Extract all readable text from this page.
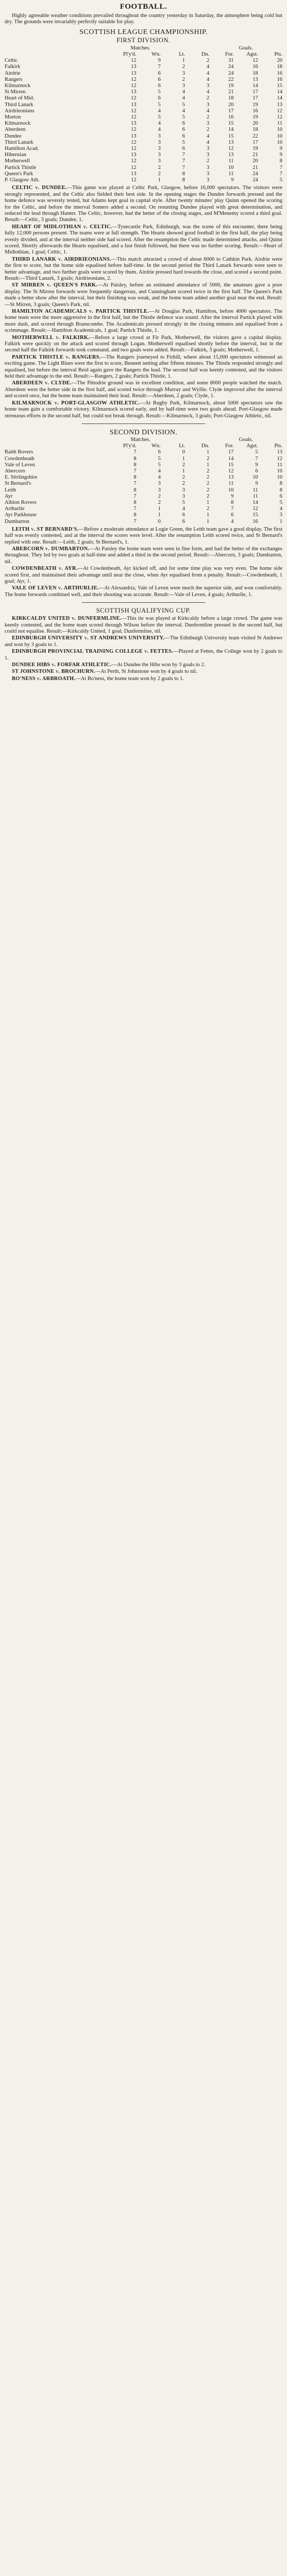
FOOTBALL.

Highly agreeable weather conditions prevailed throughout the country yesterday in Saturday, the atmosphere being cold but dry. The grounds were invariably perfectly suitable for play.

SCOTTISH LEAGUE CHAMPIONSHIP.
FIRST DIVISION.
Matches.					Goals.		
	Pl'y'd.	Wn.	Lt.	Dn.	For.	Agst.	Pts.
Celtic	12	9	1	2	31	12	20
Falkirk	13	7	2	4	24	16	18
Airdrie	13	6	3	4	24	18	16
Rangers	12	6	2	4	22	13	16
Kilmarnock	12	6	3	3	19	14	15
St Mirren	13	5	4	4	21	17	14
Heart of Mid.	12	6	4	2	18	17	14
Third Lanark	13	5	5	3	20	19	13
Airdrieonians	12	4	4	4	17	16	12
Morton	12	5	5	2	16	19	12
Kilmarnock	13	4	6	3	15	20	11
Aberdeen	12	4	6	2	14	18	10
Dundee	13	3	6	4	15	22	10
Third Lanark	12	3	5	4	13	17	10
Hamilton Acad.	12	3	6	3	12	19	9
Hibernian	13	3	7	3	13	21	9
Motherwell	12	3	7	2	11	20	8
Partick Thistle	12	2	7	3	10	21	7
Queen's Park	13	2	8	3	11	24	7
P. Glasgow Ath.	12	1	8	3	9	24	5

CELTIC v. DUNDEE.—This game was played at Celtic Park, Glasgow, before 16,000 spectators. The visitors were strongly represented, and the Celtic also fielded their best side. In the opening stages the Dundee forwards pressed and the home defence was severely tested, but Adams kept goal in capital style. After twenty minutes' play Quinn opened the scoring for the Celtic, and before the interval Somers added a second. On resuming Dundee played with great determination, and reduced the lead through Hunter. The Celtic, however, had the better of the closing stages, and M'Menemy scored a third goal. Result:—Celtic, 3 goals; Dundee, 1.

HEART OF MIDLOTHIAN v. CELTIC.—Tynecastle Park, Edinburgh, was the scene of this encounter, there being fully 12,000 persons present. The teams were at full strength. The Hearts showed good football in the first half, the play being evenly divided, and at the interval neither side had scored. After the resumption the Celtic made determined attacks, and Quinn scored. Shortly afterwards the Hearts equalised, and a fast finish followed, but there was no further scoring. Result:—Heart of Midlothian, 1 goal; Celtic, 1.

THIRD LANARK v. AIRDRIEONIANS.—This match attracted a crowd of about 6000 to Cathkin Park. Airdrie were the first to score, but the home side equalised before half-time. In the second period the Third Lanark forwards were seen to better advantage, and two further goals were scored by them. Airdrie pressed hard towards the close, and scored a second point. Result:—Third Lanark, 3 goals; Airdrieonians, 2.

ST MIRREN v. QUEEN'S PARK.—At Paisley, before an estimated attendance of 5000, the amateurs gave a poor display. The St Mirren forwards were frequently dangerous, and Cunningham scored twice in the first half. The Queen's Park made a better show after the interval, but their finishing was weak, and the home team added another goal near the end. Result:—St Mirren, 3 goals; Queen's Park, nil.

HAMILTON ACADEMICALS v. PARTICK THISTLE.—At Douglas Park, Hamilton, before 4000 spectators. The home team were the more aggressive in the first half, but the Thistle defence was sound. After the interval Partick played with more dash, and scored through Branscombe. The Academicals pressed strongly in the closing minutes and equalised from a scrimmage. Result:—Hamilton Academicals, 1 goal; Partick Thistle, 1.

MOTHERWELL v. FALKIRK.—Before a large crowd at Fir Park, Motherwell, the visitors gave a capital display. Falkirk were quickly on the attack and scored through Logan. Motherwell equalised shortly before the interval, but in the second half the Falkirk forwards took command, and two goals were added. Result:—Falkirk, 3 goals; Motherwell, 1.

PARTICK THISTLE v. RANGERS.—The Rangers journeyed to Firhill, where about 15,000 spectators witnessed an exciting game. The Light Blues were the first to score, Bennett netting after fifteen minutes. The Thistle responded strongly and equalised, but before the interval Reid again gave the Rangers the lead. The second half was keenly contested, and the visitors held their advantage to the end. Result:—Rangers, 2 goals; Partick Thistle, 1.

ABERDEEN v. CLYDE.—The Pittodrie ground was in excellent condition, and some 8000 people watched the match. Aberdeen were the better side in the first half, and scored twice through Murray and Wyllie. Clyde improved after the interval and scored once, but the home team maintained their lead. Result:—Aberdeen, 2 goals; Clyde, 1.

KILMARNOCK v. PORT-GLASGOW ATHLETIC.—At Rugby Park, Kilmarnock, about 5000 spectators saw the home team gain a comfortable victory. Kilmarnock scored early, and by half-time were two goals ahead. Port-Glasgow made strenuous efforts in the second half, but could not break through. Result:—Kilmarnock, 3 goals; Port-Glasgow Athletic, nil.

SECOND DIVISION.
Matches.					Goals.		
	Pl'y'd.	Wn.	Lt.	Dn.	For.	Agst.	Pts.
Raith Rovers	7	6	0	1	17	5	13
Cowdenbeath	8	5	1	2	14	7	12
Vale of Leven	8	5	2	1	15	9	11
Abercorn	7	4	1	2	12	6	10
E. Stirlingshire	8	4	2	2	13	10	10
St Bernard's	7	3	2	2	11	9	8
Leith	8	3	3	2	10	11	8
Ayr	7	2	3	2	9	11	6
Albion Rovers	8	2	5	1	8	14	5
Arthurlie	7	1	4	2	7	12	4
Ayr Parkhouse	8	1	6	1	6	15	3
Dumbarton	7	0	6	1	4	16	1

LEITH v. ST BERNARD'S.—Before a moderate attendance at Logie Green, the Leith team gave a good display. The first half was evenly contested, and at the interval the scores were level. After the resumption Leith scored twice, and St Bernard's replied with one. Result:—Leith, 2 goals; St Bernard's, 1.

ABERCORN v. DUMBARTON.—At Paisley the home team were seen in fine form, and had the better of the exchanges throughout. They led by two goals at half-time and added a third in the second period. Result:—Abercorn, 3 goals; Dumbarton, nil.

COWDENBEATH v. AYR.—At Cowdenbeath, Ayr kicked off, and for some time play was very even. The home side scored first, and maintained their advantage until near the close, when Ayr equalised from a penalty. Result:—Cowdenbeath, 1 goal; Ayr, 1.

VALE OF LEVEN v. ARTHURLIE.—At Alexandria, Vale of Leven were much the superior side, and won comfortably. The home forwards combined well, and their shooting was accurate. Result:—Vale of Leven, 4 goals; Arthurlie, 1.

SCOTTISH QUALIFYING CUP.

KIRKCALDY UNITED v. DUNFERMLINE.—This tie was played at Kirkcaldy before a large crowd. The game was keenly contested, and the home team scored through Wilson before the interval. Dunfermline pressed in the second half, but could not equalise. Result:—Kirkcaldy United, 1 goal; Dunfermline, nil.

EDINBURGH UNIVERSITY v. ST ANDREWS UNIVERSITY.—The Edinburgh University team visited St Andrews and won by 3 goals to 1.

EDINBURGH PROVINCIAL TRAINING COLLEGE v. FETTES.—Played at Fettes, the College won by 2 goals to 1.

DUNDEE HIBS v. FORFAR ATHLETIC.—At Dundee the Hibs won by 3 goals to 2.

ST JOHNSTONE v. BROCHURN.—At Perth, St Johnstone won by 4 goals to nil.

BO'NESS v. ARBROATH.—At Bo'ness, the home team won by 2 goals to 1.
